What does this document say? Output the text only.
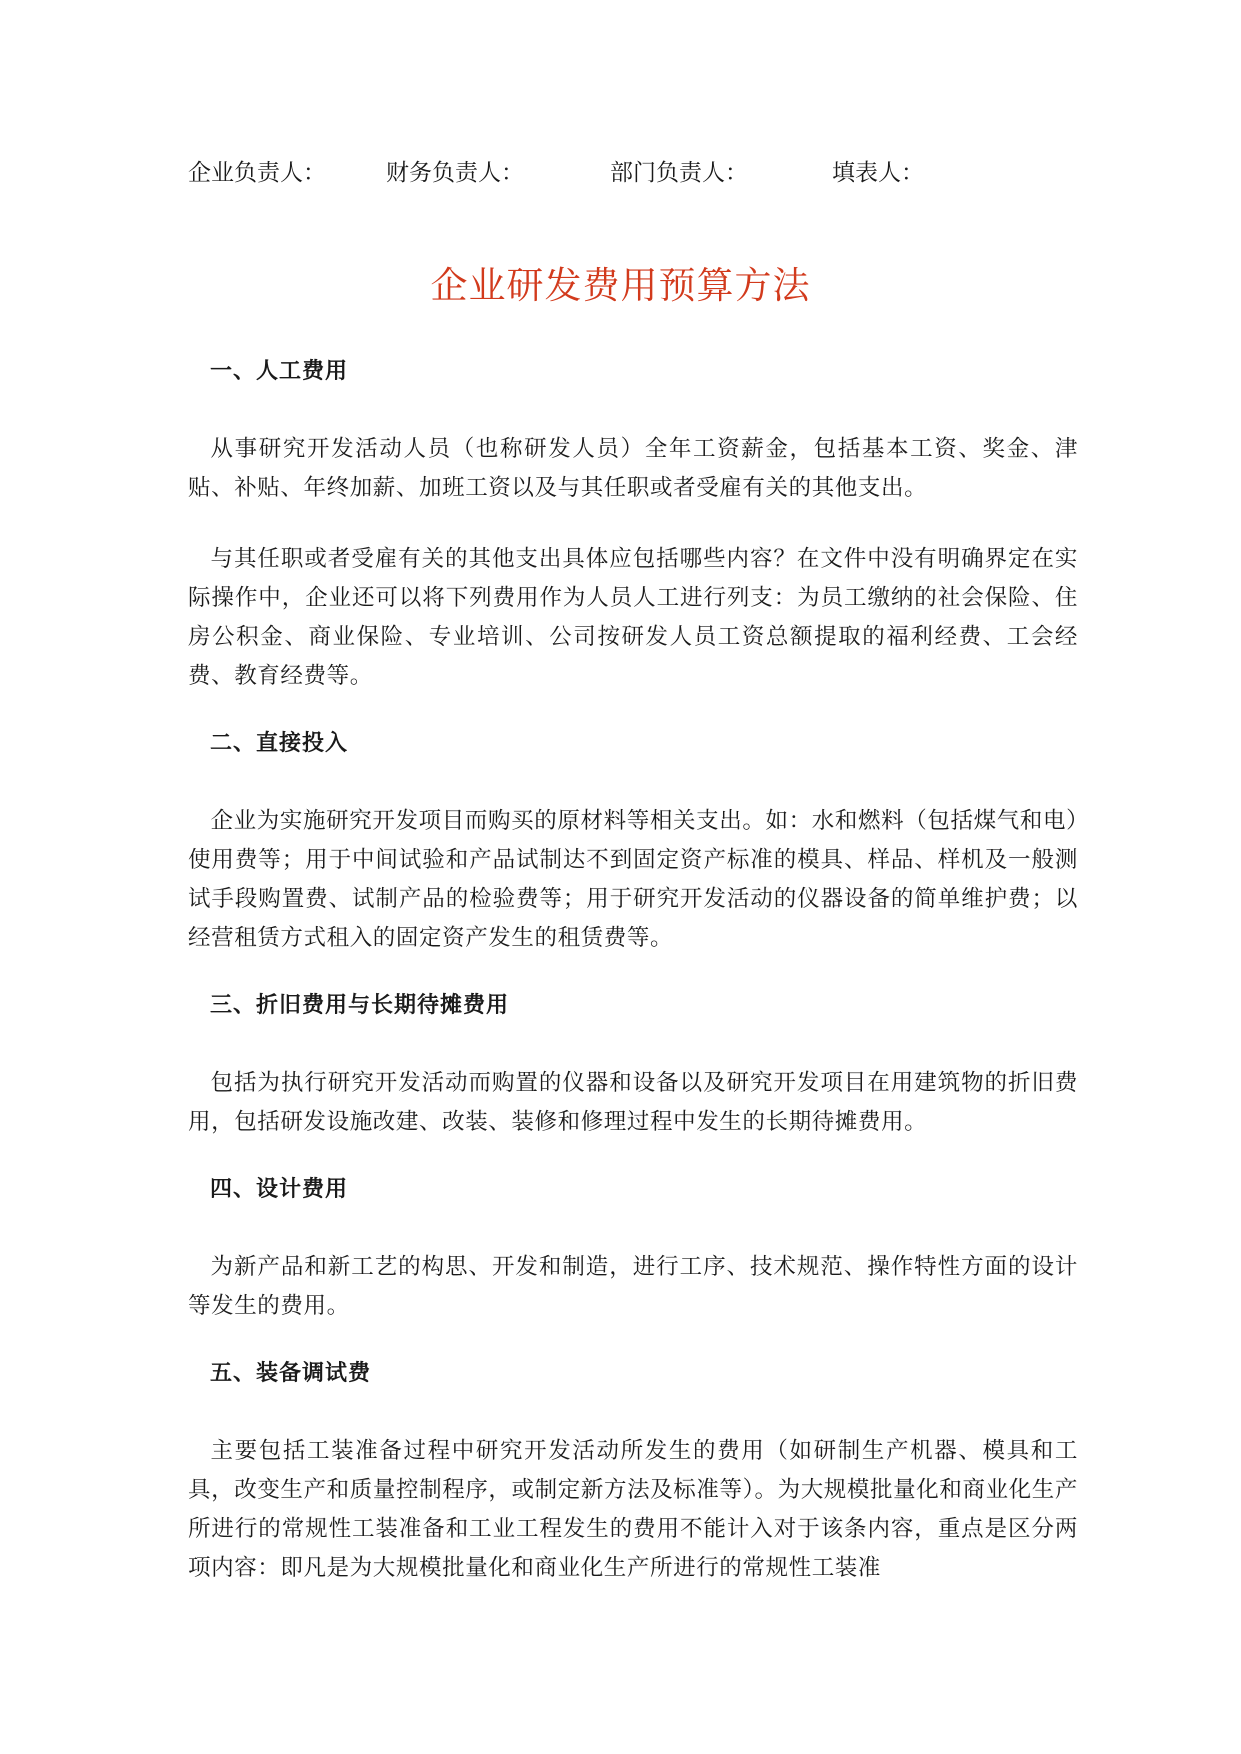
企业负责人：	财务负责人：	部门负责人：	填表人：
企业研发费用预算方法
一、人工费用

从事研究开发活动人员（也称研发人员）全年工资薪金，包括基本工资、奖金、津贴、补贴、年终加薪、加班工资以及与其任职或者受雇有关的其他支出。

与其任职或者受雇有关的其他支出具体应包括哪些内容？在文件中没有明确界定在实际操作中，企业还可以将下列费用作为人员人工进行列支：为员工缴纳的社会保险、住房公积金、商业保险、专业培训、公司按研发人员工资总额提取的福利经费、工会经费、教育经费等。

二、直接投入

企业为实施研究开发项目而购买的原材料等相关支出。如：水和燃料（包括煤气和电）使用费等；用于中间试验和产品试制达不到固定资产标准的模具、样品、样机及一般测试手段购置费、试制产品的检验费等；用于研究开发活动的仪器设备的简单维护费；以经营租赁方式租入的固定资产发生的租赁费等。

三、折旧费用与长期待摊费用

包括为执行研究开发活动而购置的仪器和设备以及研究开发项目在用建筑物的折旧费用，包括研发设施改建、改装、装修和修理过程中发生的长期待摊费用。

四、设计费用

为新产品和新工艺的构思、开发和制造，进行工序、技术规范、操作特性方面的设计等发生的费用。

五、装备调试费

主要包括工装准备过程中研究开发活动所发生的费用（如研制生产机器、模具和工具，改变生产和质量控制程序，或制定新方法及标准等）。为大规模批量化和商业化生产所进行的常规性工装准备和工业工程发生的费用不能计入对于该条内容，重点是区分两项内容：即凡是为大规模批量化和商业化生产所进行的常规性工装准
